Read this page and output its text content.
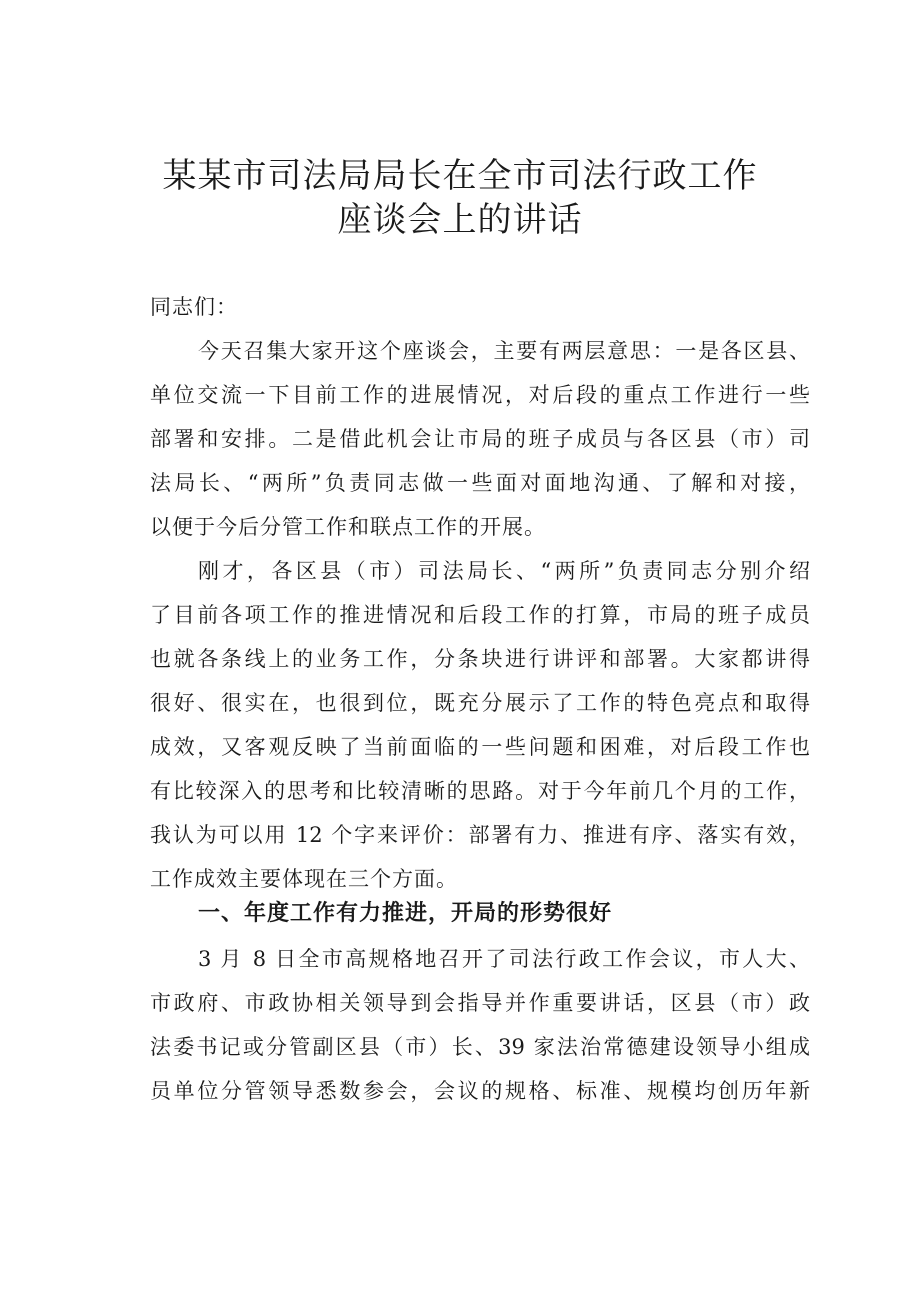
某某市司法局局长在全市司法行政工作
座谈会上的讲话
同志们：
今天召集大家开这个座谈会，主要有两层意思：一是各区县、
单位交流一下目前工作的进展情况，对后段的重点工作进行一些
部署和安排。二是借此机会让市局的班子成员与各区县（市）司
法局长、“两所”负责同志做一些面对面地沟通、了解和对接，
以便于今后分管工作和联点工作的开展。
刚才，各区县（市）司法局长、“两所”负责同志分别介绍
了目前各项工作的推进情况和后段工作的打算，市局的班子成员
也就各条线上的业务工作，分条块进行讲评和部署。大家都讲得
很好、很实在，也很到位，既充分展示了工作的特色亮点和取得
成效，又客观反映了当前面临的一些问题和困难，对后段工作也
有比较深入的思考和比较清晰的思路。对于今年前几个月的工作，
我认为可以用 12 个字来评价：部署有力、推进有序、落实有效，
工作成效主要体现在三个方面。
一、年度工作有力推进，开局的形势很好
3 月 8 日全市高规格地召开了司法行政工作会议，市人大、
市政府、市政协相关领导到会指导并作重要讲话，区县（市）政
法委书记或分管副区县（市）长、39 家法治常德建设领导小组成
员单位分管领导悉数参会，会议的规格、标准、规模均创历年新
